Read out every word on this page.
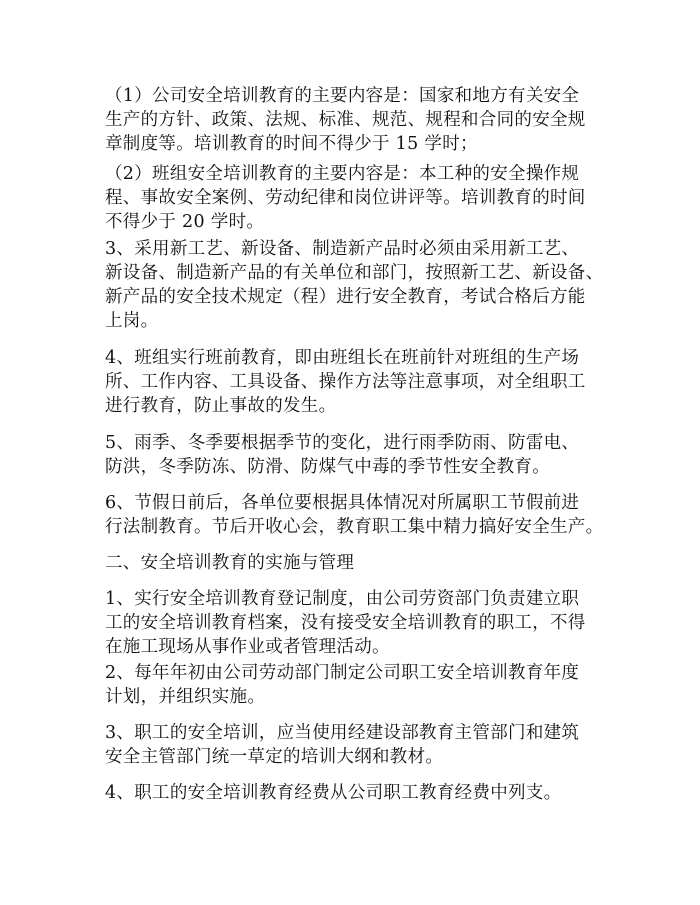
（1）公司安全培训教育的主要内容是：国家和地方有关安全
生产的方针、政策、法规、标准、规范、规程和合同的安全规
章制度等。培训教育的时间不得少于 15 学时；

（2）班组安全培训教育的主要内容是：本工种的安全操作规
程、事故安全案例、劳动纪律和岗位讲评等。培训教育的时间
不得少于 20 学时。

3、采用新工艺、新设备、制造新产品时必须由采用新工艺、
新设备、制造新产品的有关单位和部门，按照新工艺、新设备、
新产品的安全技术规定（程）进行安全教育，考试合格后方能
上岗。

4、班组实行班前教育，即由班组长在班前针对班组的生产场
所、工作内容、工具设备、操作方法等注意事项，对全组职工
进行教育，防止事故的发生。

5、雨季、冬季要根据季节的变化，进行雨季防雨、防雷电、
防洪，冬季防冻、防滑、防煤气中毒的季节性安全教育。

6、节假日前后，各单位要根据具体情况对所属职工节假前进
行法制教育。节后开收心会，教育职工集中精力搞好安全生产。

二、安全培训教育的实施与管理

1、实行安全培训教育登记制度，由公司劳资部门负责建立职
工的安全培训教育档案，没有接受安全培训教育的职工，不得
在施工现场从事作业或者管理活动。

2、每年年初由公司劳动部门制定公司职工安全培训教育年度
计划，并组织实施。

3、职工的安全培训，应当使用经建设部教育主管部门和建筑
安全主管部门统一草定的培训大纲和教材。

4、职工的安全培训教育经费从公司职工教育经费中列支。
